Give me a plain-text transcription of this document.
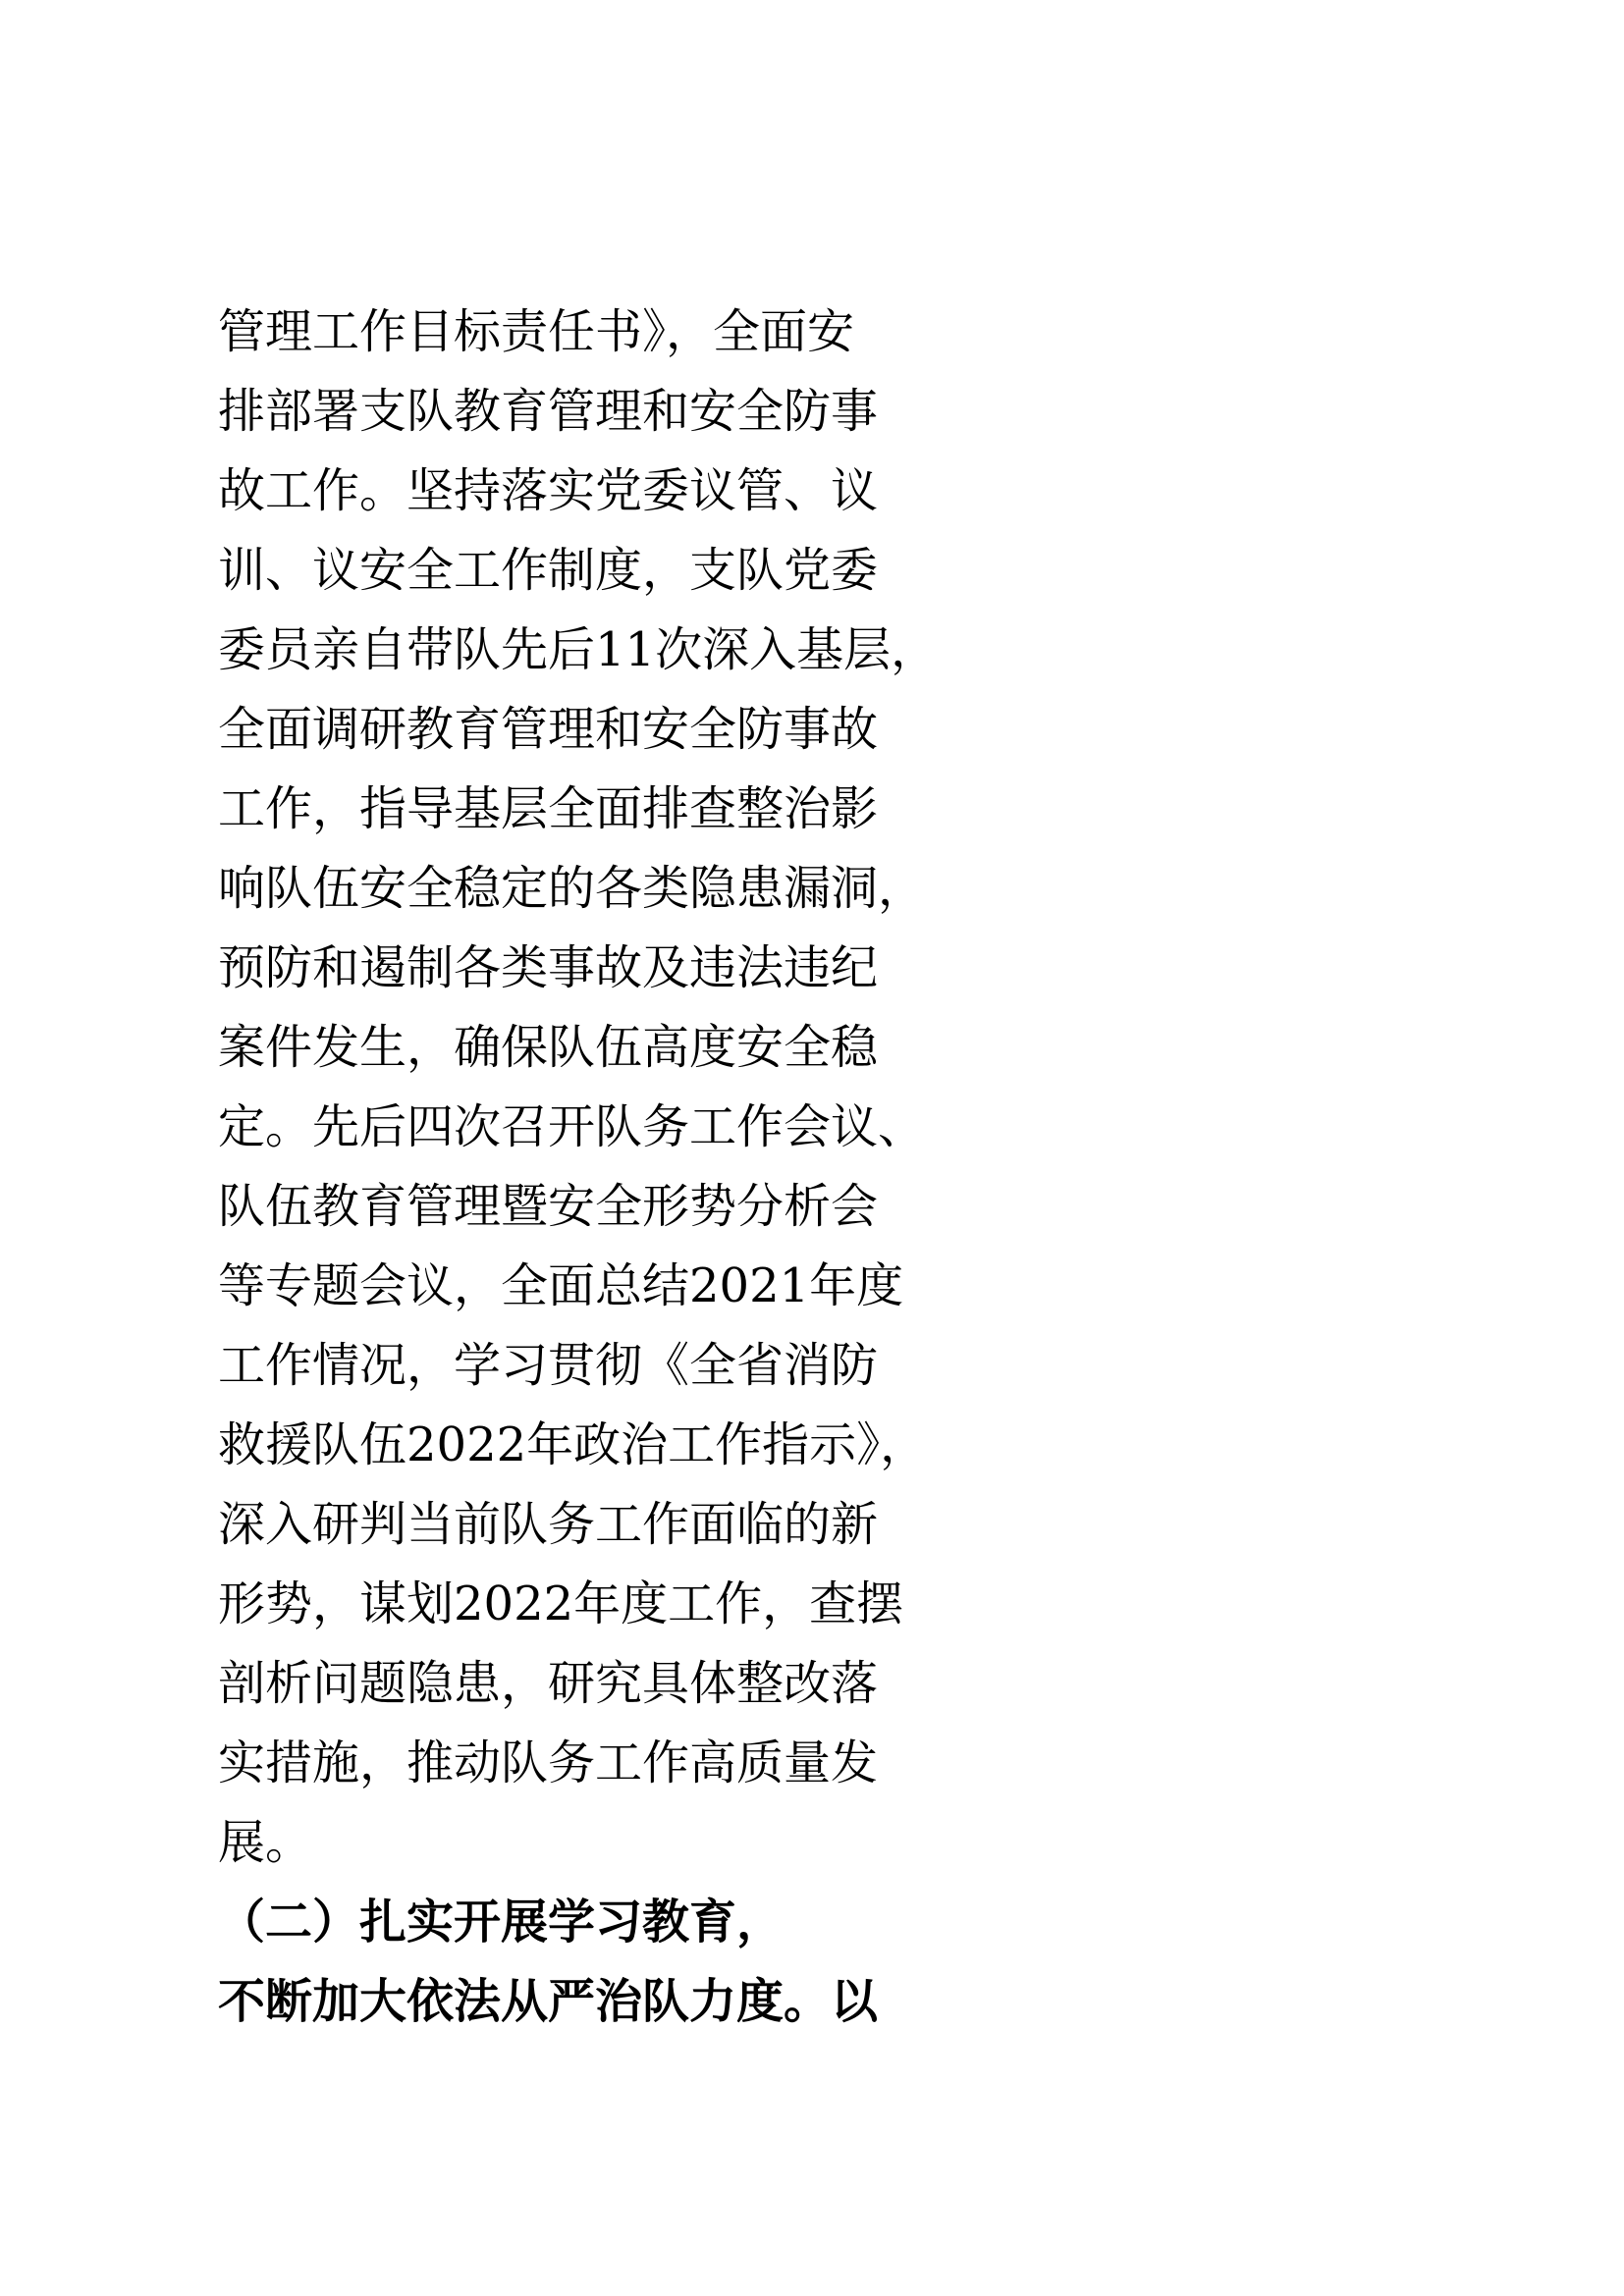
管理工作目标责任书》，全面安
排部署支队教育管理和安全防事
故工作。坚持落实党委议管、议
训、议安全工作制度，支队党委
委员亲自带队先后11次深入基层，
全面调研教育管理和安全防事故
工作，指导基层全面排查整治影
响队伍安全稳定的各类隐患漏洞，
预防和遏制各类事故及违法违纪
案件发生，确保队伍高度安全稳
定。先后四次召开队务工作会议、
队伍教育管理暨安全形势分析会
等专题会议，全面总结2021年度
工作情况，学习贯彻《全省消防
救援队伍2022年政治工作指示》，
深入研判当前队务工作面临的新
形势，谋划2022年度工作，查摆
剖析问题隐患，研究具体整改落
实措施，推动队务工作高质量发
展。
（二）扎实开展学习教育，
不断加大依法从严治队力度。以
